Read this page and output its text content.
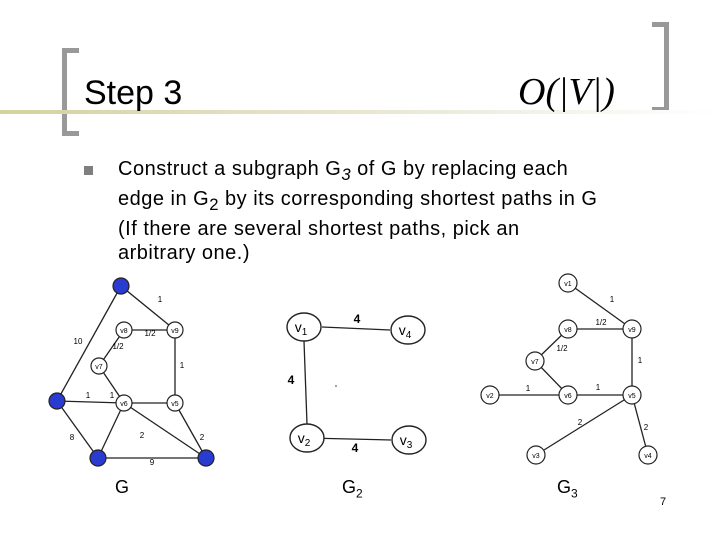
Step 3	O(|V|)
Construct a subgraph $G_3$ of G by replacing each
edge in $G_2$ by its corresponding shortest paths in G
(If there are several shortest paths, pick an
arbitrary one.)
1
10
1/2
1/2
1
1
1
8	2	2
9
v8	v9
v7
v6	v5
4
4
4
$v_1$	$v_4$
$v_2$	$v_3$
1
1/2
1/2
1
1	1
2
2
v1
v8	v9
v7
v6	v5
v2
v3	v4
G	$G_2$	$G_3$
7
